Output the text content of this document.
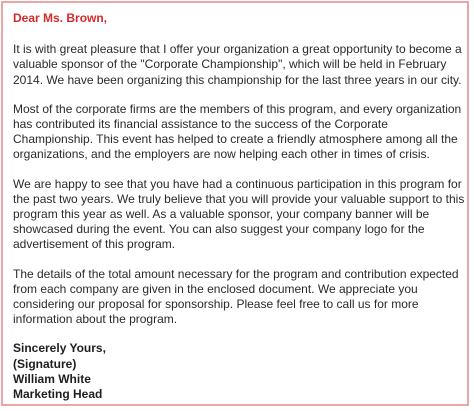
Dear Ms. Brown,

It is with great pleasure that I offer your organization a great opportunity to become a valuable sponsor of the "Corporate Championship", which will be held in February 2014. We have been organizing this championship for the last three years in our city.

Most of the corporate firms are the members of this program, and every organization has contributed its financial assistance to the success of the Corporate Championship. This event has helped to create a friendly atmosphere among all the organizations, and the employers are now helping each other in times of crisis.

We are happy to see that you have had a continuous participation in this program for the past two years. We truly believe that you will provide your valuable support to this program this year as well. As a valuable sponsor, your company banner will be showcased during the event. You can also suggest your company logo for the advertisement of this program.

The details of the total amount necessary for the program and contribution expected from each company are given in the enclosed document. We appreciate you considering our proposal for sponsorship. Please feel free to call us for more information about the program.

Sincerely Yours,

(Signature)

William White

Marketing Head
